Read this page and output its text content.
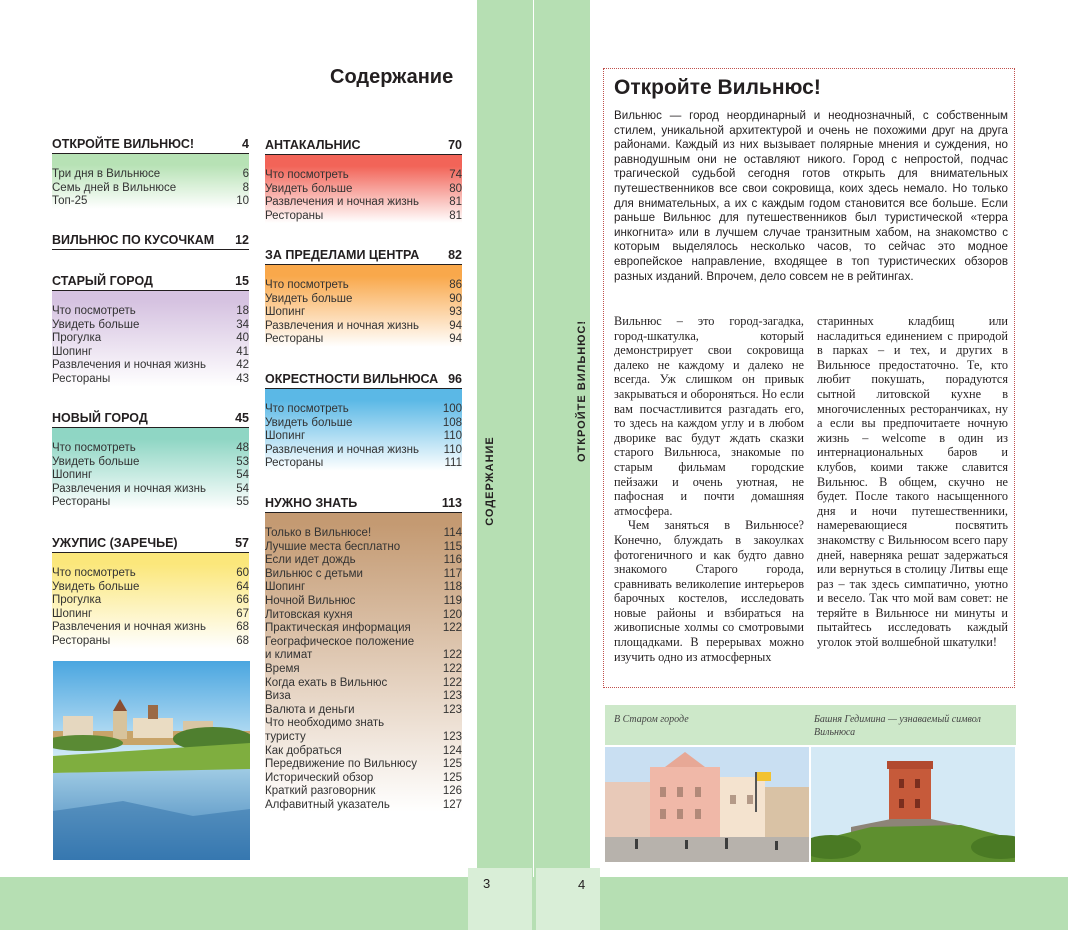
3	4
СОДЕРЖАНИЕ
ОТКРОЙТЕ ВИЛЬНЮС!
Содержание
ОТКРОЙТЕ ВИЛЬНЮС!	4
Три дня в Вильнюсе	6
Семь дней в Вильнюсе	8
Топ-25	10
ВИЛЬНЮС ПО КУСОЧКАМ 12
СТАРЫЙ ГОРОД	15
Что посмотреть	18
Увидеть больше	34
Прогулка	40
Шопинг	41
Развлечения и ночная жизнь	42
Рестораны	43
НОВЫЙ ГОРОД	45
Что посмотреть	48
Увидеть больше	53
Шопинг	54
Развлечения и ночная жизнь	54
Рестораны	55
УЖУПИС (ЗАРЕЧЬЕ)	57
Что посмотреть	60
Увидеть больше	64
Прогулка	66
Шопинг	67
Развлечения и ночная жизнь	68
Рестораны	68
АНТАКАЛЬНИС	70
Что посмотреть	74
Увидеть больше	80
Развлечения и ночная жизнь	81
Рестораны	81
ЗА ПРЕДЕЛАМИ ЦЕНТРА 82
Что посмотреть	86
Увидеть больше	90
Шопинг	93
Развлечения и ночная жизнь	94
Рестораны	94
ОКРЕСТНОСТИ ВИЛЬНЮСА 96
Что посмотреть	100
Увидеть больше	108
Шопинг	110
Развлечения и ночная жизнь 110
Рестораны	111
НУЖНО ЗНАТЬ	113
Только в Вильнюсе!	114
Лучшие места бесплатно	115
Если идет дождь	116
Вильнюс с детьми	117
Шопинг	118
Ночной Вильнюс	119
Литовская кухня	120
Практическая информация	122
Географическое положение
и климат	122
Время	122
Когда ехать в Вильнюс	122
Виза	123
Валюта и деньги	123
Что необходимо знать
туристу	123
Как добраться	124
Передвижение по Вильнюсу 125
Исторический обзор	125
Краткий разговорник	126
Алфавитный указатель	127
Откройте Вильнюс!
Вильнюс — город неординарный и неоднозначный, с собственным стилем, уникальной архитектурой и очень не похожими друг на друга районами. Каждый из них вызывает полярные мнения и суждения, но равнодушным они не оставляют никого. Город с непростой, подчас трагической судьбой сегодня готов открыть для внимательных путешественников все свои сокровища, коих здесь немало. Но только для внимательных, а их с каждым годом становится все больше. Если раньше Вильнюс для путешественников был туристической «терра инкогнита» или в лучшем случае транзитным хабом, на знакомство с которым выделялось несколько часов, то сейчас это модное европейское направление, входящее в топ туристических обзоров разных изданий. Впрочем, дело совсем не в рейтингах.
Вильнюс – это город-загадка, город-шкатулка, который демонстрирует свои сокровища далеко не каждому и далеко не всегда. Уж слишком он привык закрываться и обороняться. Но если вам посчастливится разгадать его, то здесь на каждом углу и в любом дворике вас будут ждать сказки старого Вильнюса, знакомые по старым фильмам городские пейзажи и очень уютная, не пафосная и почти домашняя атмосфера.
Чем заняться в Вильнюсе? Конечно, блуждать в закоулках фотогеничного и как будто давно знакомого Старого города, сравнивать великолепие интерьеров барочных костелов, исследовать новые районы и взбираться на живописные холмы со смотровыми площадками. В перерывах можно изучить одно из атмосферных
старинных кладбищ или насладиться единением с природой в парках – и тех, и других в Вильнюсе предостаточно. Те, кто любит покушать, порадуются сытной литовской кухне в многочисленных ресторанчиках, ну а если вы предпочитаете ночную жизнь – welcome в один из интернациональных баров и клубов, коими также славится Вильнюс. В общем, скучно не будет. После такого насыщенного дня и ночи путешественники, намеревающиеся посвятить знакомству с Вильнюсом всего пару дней, наверняка решат задержаться или вернуться в столицу Литвы еще раз – так здесь симпатично, уютно и весело. Так что мой вам совет: не теряйте в Вильнюсе ни минуты и пытайтесь исследовать каждый уголок этой волшебной шкатулки!
В Старом городе	Башня Гедимина — узнаваемый символ Вильнюса
